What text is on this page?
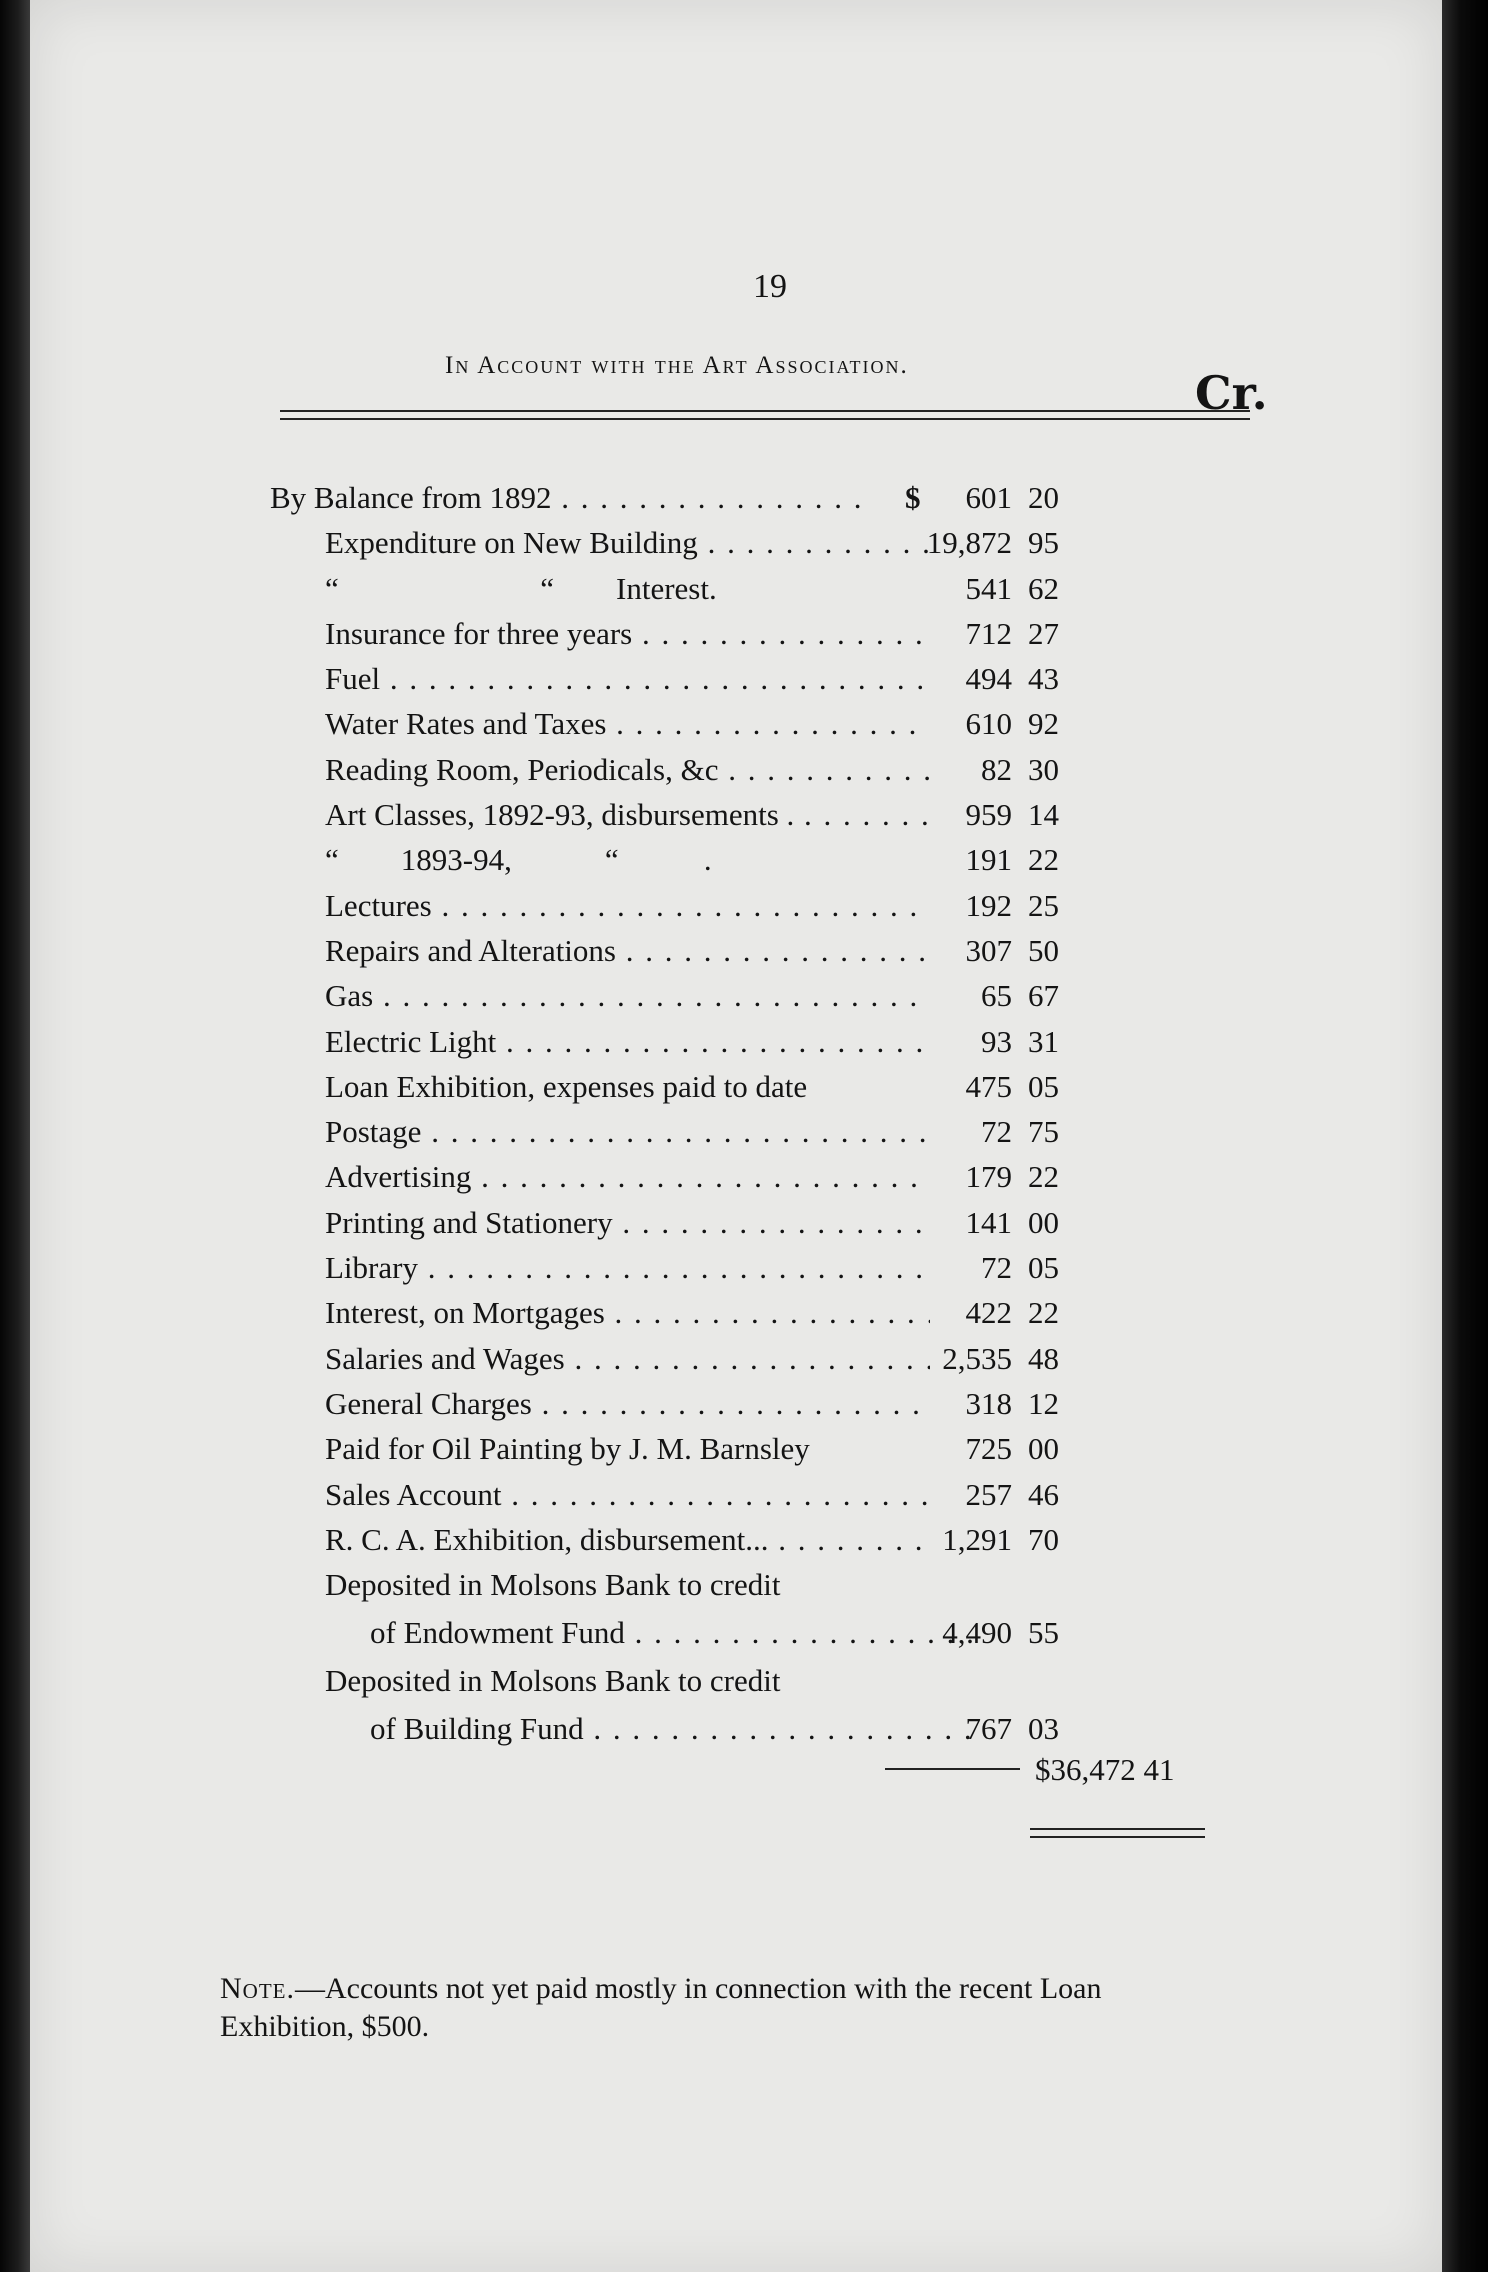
19
In Account with the Art Association.
Cr.
By Balance from 1892 . . .	$	601 20
Expenditure on New Building . . .	19,872 95
“                          “        Interest.	541 62
Insurance for three years . . .	712 27
Fuel . . .	494 43
Water Rates and Taxes . . .	610 92
Reading Room, Periodicals, &c . . .	82 30
Art Classes, 1892-93, disbursements . . . .	959 14
“        1893-94,            “           .	191 22
Lectures . . .	192 25
Repairs and Alterations . . .	307 50
Gas . . .	65 67
Electric Light . . .	93 31
Loan Exhibition, expenses paid to date	475 05
Postage . . .	72 75
Advertising . . .	179 22
Printing and Stationery . . .	141 00
Library . . .	72 05
Interest, on Mortgages . . .	422 22
Salaries and Wages . . .	2,535 48
General Charges . . .	318 12
Paid for Oil Painting by J. M. Barnsley	725 00
Sales Account . . .	257 46
R. C. A. Exhibition, disbursement... . . .	1,291 70
Deposited in Molsons Bank to credit
of Endowment Fund . . .	4,490 55
Deposited in Molsons Bank to credit
of Building Fund . . .	767 03
$36,472 41
Note.—Accounts not yet paid mostly in connection with the recent Loan Exhibition, $500.
